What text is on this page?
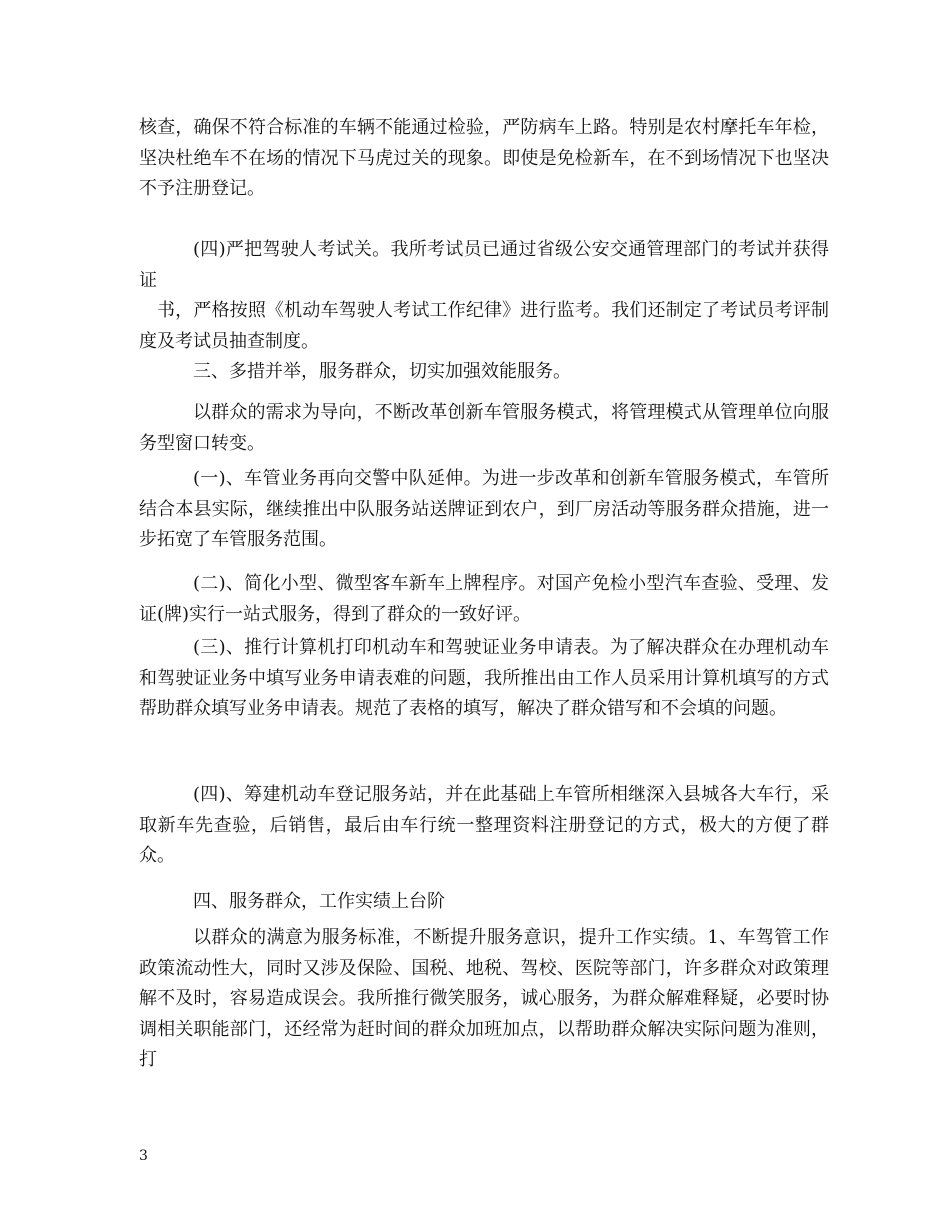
核查，确保不符合标准的车辆不能通过检验，严防病车上路。特别是农村摩托车年检，坚决杜绝车不在场的情况下马虎过关的现象。即使是免检新车，在不到场情况下也坚决不予注册登记。

(四)严把驾驶人考试关。我所考试员已通过省级公安交通管理部门的考试并获得证

书，严格按照《机动车驾驶人考试工作纪律》进行监考。我们还制定了考试员考评制度及考试员抽查制度。

三、多措并举，服务群众，切实加强效能服务。

以群众的需求为导向，不断改革创新车管服务模式，将管理模式从管理单位向服务型窗口转变。

(一)、车管业务再向交警中队延伸。为进一步改革和创新车管服务模式，车管所结合本县实际，继续推出中队服务站送牌证到农户，到厂房活动等服务群众措施，进一步拓宽了车管服务范围。

(二)、简化小型、微型客车新车上牌程序。对国产免检小型汽车查验、受理、发证(牌)实行一站式服务，得到了群众的一致好评。

(三)、推行计算机打印机动车和驾驶证业务申请表。为了解决群众在办理机动车和驾驶证业务中填写业务申请表难的问题，我所推出由工作人员采用计算机填写的方式帮助群众填写业务申请表。规范了表格的填写，解决了群众错写和不会填的问题。

(四)、筹建机动车登记服务站，并在此基础上车管所相继深入县城各大车行，采取新车先查验，后销售，最后由车行统一整理资料注册登记的方式，极大的方便了群众。

四、服务群众，工作实绩上台阶

以群众的满意为服务标准，不断提升服务意识，提升工作实绩。1、车驾管工作政策流动性大，同时又涉及保险、国税、地税、驾校、医院等部门，许多群众对政策理解不及时，容易造成误会。我所推行微笑服务，诚心服务，为群众解难释疑，必要时协调相关职能部门，还经常为赶时间的群众加班加点，以帮助群众解决实际问题为准则，打

3
